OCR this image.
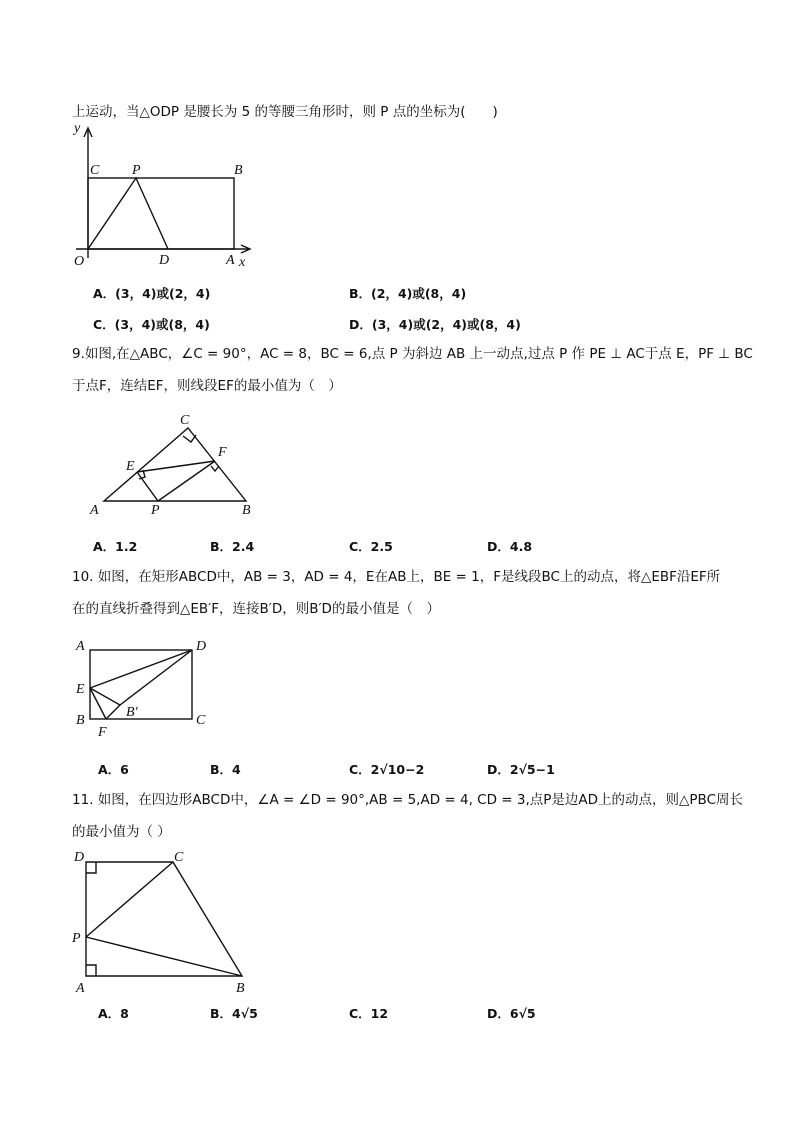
上运动，当△ODP 是腰长为 5 的等腰三角形时，则 P 点的坐标为(　　)
y
C P	B
O	D	A x
A．(3，4)或(2，4)	B．(2，4)或(8，4)
C．(3，4)或(8，4)	D．(3，4)或(2，4)或(8，4)
9.如图,在△ABC，∠C = 90°，AC = 8，BC = 6,点 P 为斜边 AB 上一动点,过点 P 作 PE ⊥ AC于点 E，PF ⊥ BC
于点F，连结EF，则线段EF的最小值为（　）
C
E
F
A	P	B
A．1.2	B．2.4	C．2.5	D．4.8
10. 如图，在矩形ABCD中，AB = 3，AD = 4，E在AB上，BE = 1，F是线段BC上的动点，将△EBF沿EF所
在的直线折叠得到△EB′F，连接B′D，则B′D的最小值是（　）
A	D
E
B
B′
C
F
A．6	B．4	C．2√10−2	D．2√5−1
11. 如图，在四边形ABCD中，∠A = ∠D = 90°,AB = 5,AD = 4, CD = 3,点P是边AD上的动点，则△PBC周长
的最小值为（ ）
D	C
P
A	B
A．8	B．4√5	C．12	D．6√5
